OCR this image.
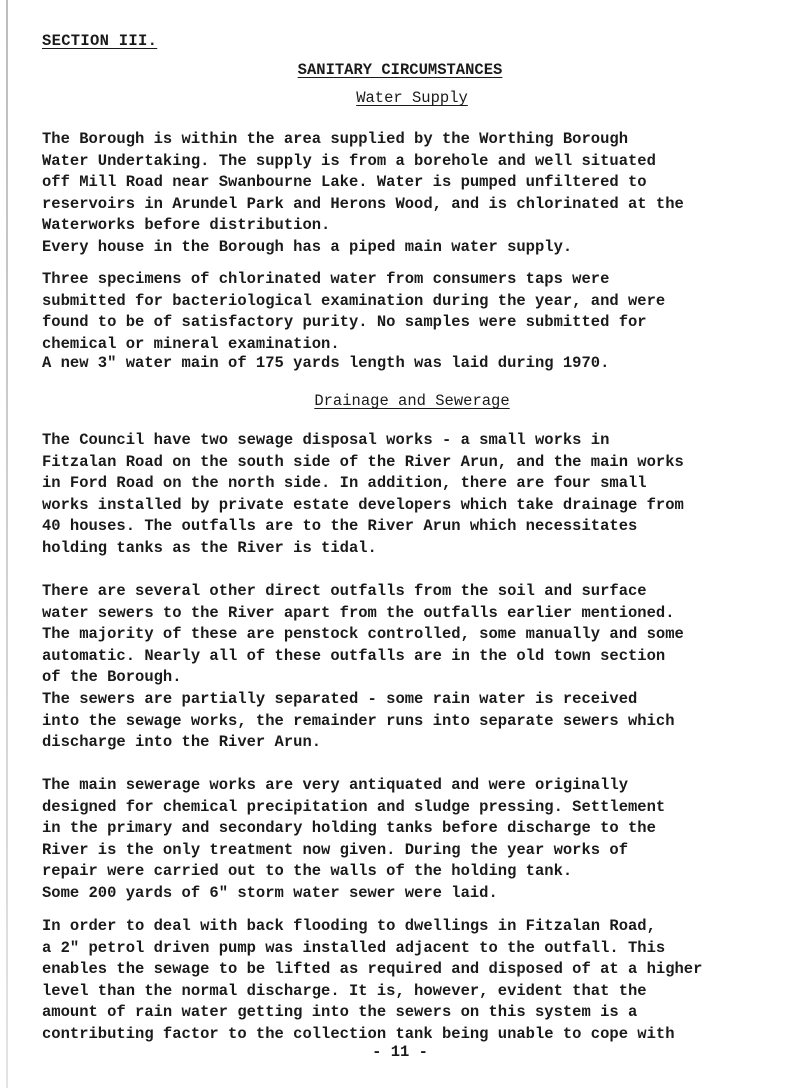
SECTION III.
SANITARY CIRCUMSTANCES
Water Supply
The Borough is within the area supplied by the Worthing Borough
Water Undertaking. The supply is from a borehole and well situated
off Mill Road near Swanbourne Lake. Water is pumped unfiltered to
reservoirs in Arundel Park and Herons Wood, and is chlorinated at the
Waterworks before distribution.
Every house in the Borough has a piped main water supply.
Three specimens of chlorinated water from consumers taps were
submitted for bacteriological examination during the year, and were
found to be of satisfactory purity. No samples were submitted for
chemical or mineral examination.
A new 3" water main of 175 yards length was laid during 1970.
Drainage and Sewerage
The Council have two sewage disposal works - a small works in
Fitzalan Road on the south side of the River Arun, and the main works
in Ford Road on the north side. In addition, there are four small
works installed by private estate developers which take drainage from
40 houses. The outfalls are to the River Arun which necessitates
holding tanks as the River is tidal.
There are several other direct outfalls from the soil and surface
water sewers to the River apart from the outfalls earlier mentioned.
The majority of these are penstock controlled, some manually and some
automatic. Nearly all of these outfalls are in the old town section
of the Borough.
The sewers are partially separated - some rain water is received
into the sewage works, the remainder runs into separate sewers which
discharge into the River Arun.
The main sewerage works are very antiquated and were originally
designed for chemical precipitation and sludge pressing. Settlement
in the primary and secondary holding tanks before discharge to the
River is the only treatment now given. During the year works of
repair were carried out to the walls of the holding tank.
Some 200 yards of 6" storm water sewer were laid.
In order to deal with back flooding to dwellings in Fitzalan Road,
a 2" petrol driven pump was installed adjacent to the outfall. This
enables the sewage to be lifted as required and disposed of at a higher
level than the normal discharge. It is, however, evident that the
amount of rain water getting into the sewers on this system is a
contributing factor to the collection tank being unable to cope with
- 11 -
